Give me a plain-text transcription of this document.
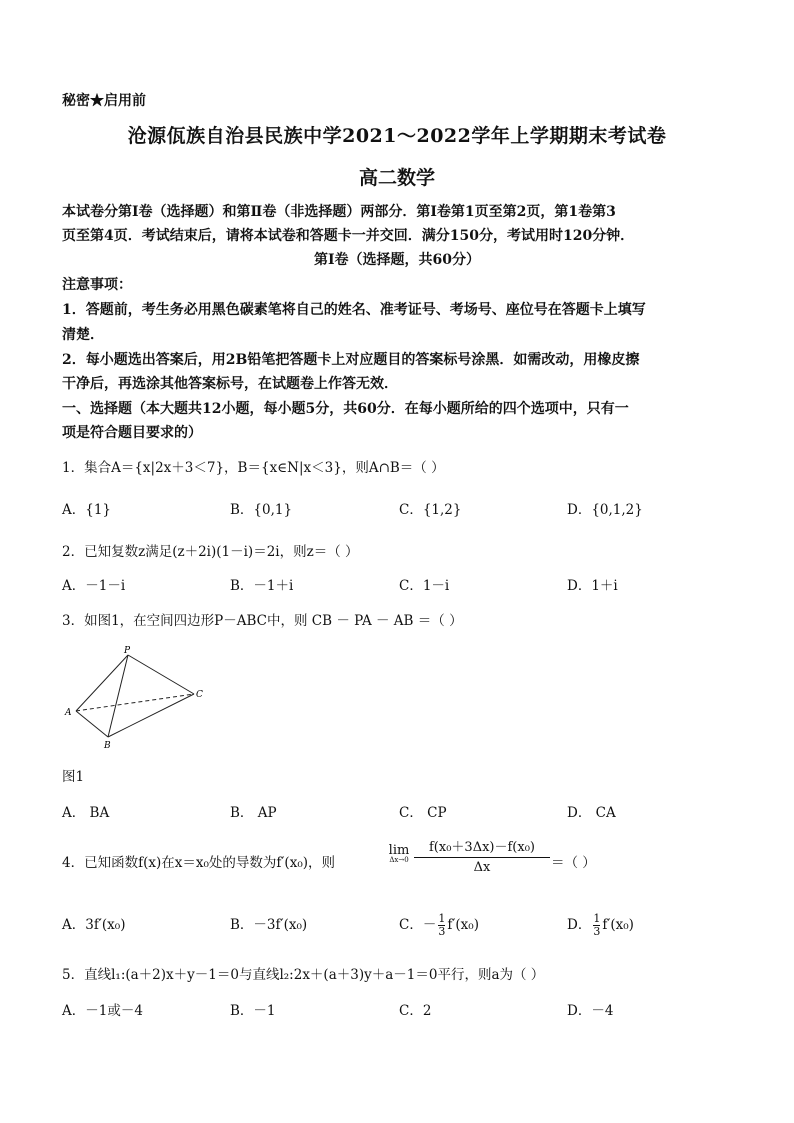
秘密★启用前
沧源佤族自治县民族中学2021～2022学年上学期期末考试卷
高二数学
本试卷分第Ⅰ卷（选择题）和第Ⅱ卷（非选择题）两部分．第Ⅰ卷第1页至第2页，第1卷第3
页至第4页．考试结束后，请将本试卷和答题卡一并交回．满分150分，考试用时120分钟．
第Ⅰ卷（选择题，共60分）
注意事项：
1．答题前，考生务必用黑色碳素笔将自己的姓名、准考证号、考场号、座位号在答题卡上填写
清楚．
2．每小题选出答案后，用2B铅笔把答题卡上对应题目的答案标号涂黑．如需改动，用橡皮擦
干净后，再选涂其他答案标号，在试题卷上作答无效．
一、选择题（本大题共12小题，每小题5分，共60分．在每小题所给的四个选项中，只有一
项是符合题目要求的）
1．集合A＝{x|2x＋3＜7}，B＝{x∈N|x＜3}，则A∩B＝（ ）
A．{1}	B．{0,1}	C．{1,2}	D．{0,1,2}
2．已知复数z满足(z＋2i)(1－i)＝2i，则z＝（ ）
A．－1－i	B．－1＋i	C．1－i	D．1＋i
3．如图1，在空间四边形P－ABC中，则 CB － PA － AB ＝（ ）
P
A
B
C
图1
A． BA	B． AP	C． CP	D． CA
4．已知函数f(x)在x＝x₀处的导数为f′(x₀)，则
lim
$\Delta x\to 0 \frac{\text{f(x₀＋3Δx)－f(x₀)}}{\Delta x}$ ＝（ ）
A．3f′(x₀)	B．－3f′(x₀)	C．－ $\frac{1}{3} f'(x_0)$	D． $\frac{1}{3} f'(x_0)$
5．直线l₁:(a＋2)x＋y－1＝0与直线l₂:2x＋(a＋3)y＋a－1＝0平行，则a为（ ）
A．－1或－4	B．－1	C．2	D．－4
